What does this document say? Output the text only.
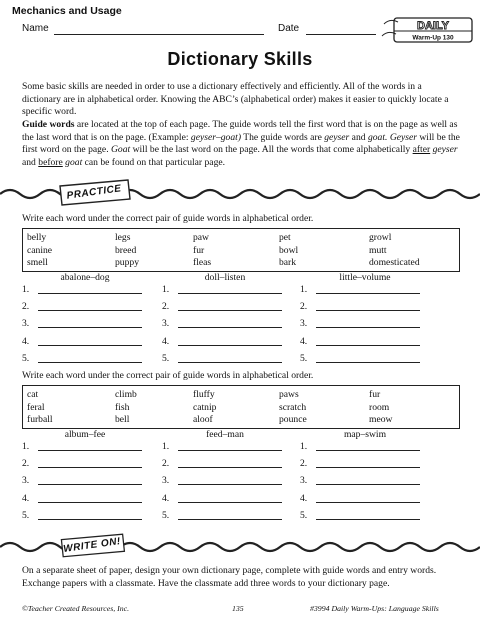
Mechanics and Usage
Name	Date	DAILY
Warm-Up 130
Dictionary Skills
Some basic skills are needed in order to use a dictionary effectively and efficiently. All of the words in a dictionary are in alphabetical order. Knowing the ABC’s (alphabetical order) makes it easier to quickly locate a specific word.
Guide words are located at the top of each page. The guide words tell the first word that is on the page as well as the last word that is on the page. (Example: geyser–goat) The guide words are geyser and goat. Geyser will be the first word on the page. Goat will be the last word on the page. All the words that come alphabetically after geyser and before goat can be found on that particular page.
PRACTICE
Write each word under the correct pair of guide words in alphabetical order.
belly	legs	paw	pet	growl
canine	breed	fur	bowl	mutt
smell	puppy	fleas	bark	domesticated
abalone–dog	doll–listen	little–volume
1.
2.
3.
4.
5.
1.
2.
3.
4.
5.
1.
2.
3.
4.
5.
Write each word under the correct pair of guide words in alphabetical order.
cat	climb	fluffy	paws	fur
feral	fish	catnip	scratch	room
furball	bell	aloof	pounce	meow
album–fee	feed–man	map–swim
1.
2.
3.
4.
5.
1.
2.
3.
4.
5.
1.
2.
3.
4.
5.
WRITE ON!
On a separate sheet of paper, design your own dictionary page, complete with guide words and entry words. Exchange papers with a classmate. Have the classmate add three words to your dictionary page.
©Teacher Created Resources, Inc.	135	#3994 Daily Warm-Ups: Language Skills
